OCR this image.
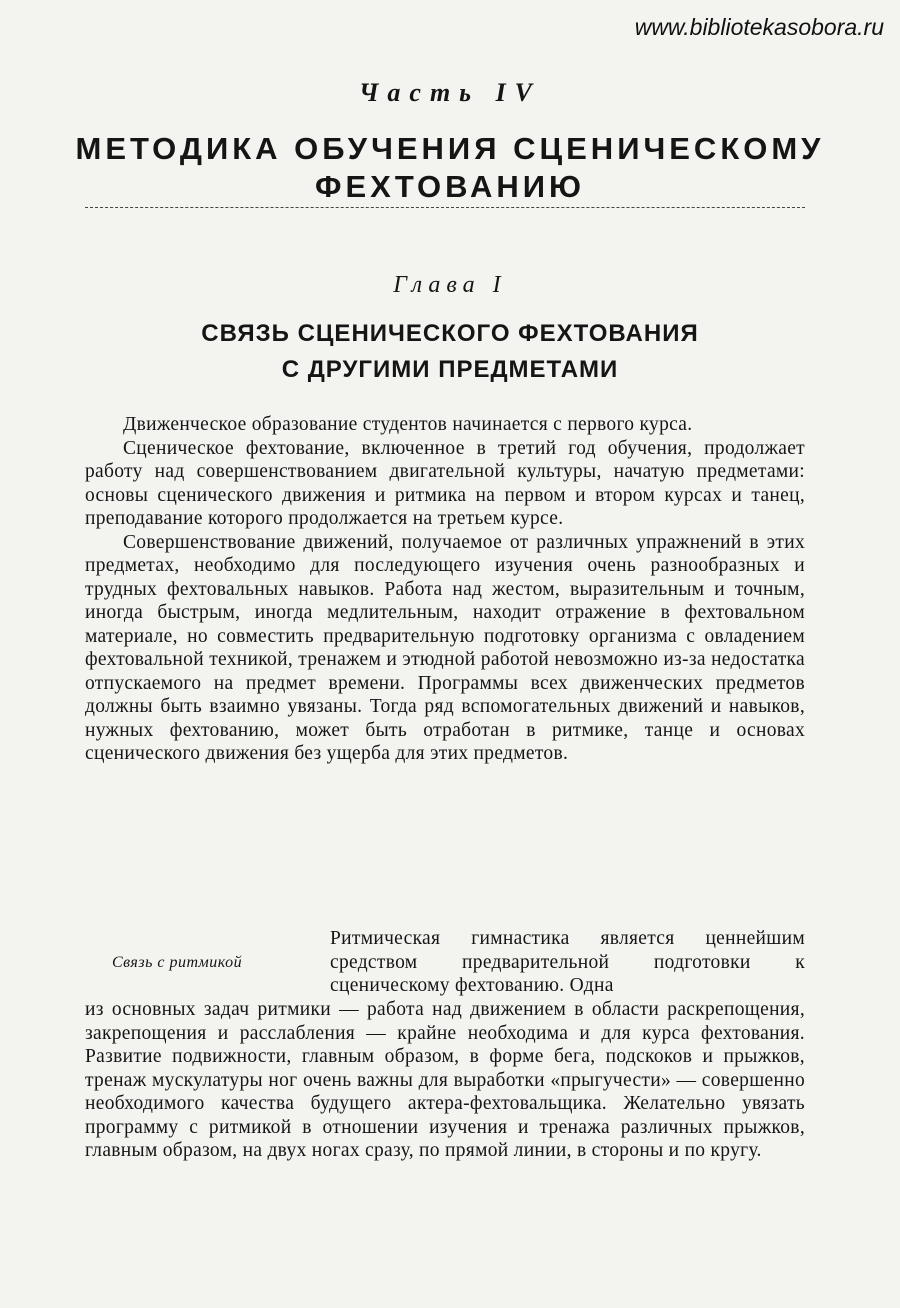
www.bibliotekasobora.ru
Часть IV
МЕТОДИКА ОБУЧЕНИЯ СЦЕНИЧЕСКОМУ
ФЕХТОВАНИЮ
Глава I
СВЯЗЬ СЦЕНИЧЕСКОГО ФЕХТОВАНИЯ
С ДРУГИМИ ПРЕДМЕТАМИ

Движенческое образование студентов начинается с первого курса.

Сценическое фехтование, включенное в третий год обучения, продолжает работу над совершенствованием двигательной культуры, начатую предметами: основы сценического движения и ритмика на первом и втором курсах и танец, преподавание которого продолжается на третьем курсе.

Совершенствование движений, получаемое от различных упражнений в этих предметах, необходимо для последующего изучения очень разнообразных и трудных фехтовальных навыков. Работа над жестом, выразительным и точным, иногда быстрым, иногда медлительным, находит отражение в фехтовальном материале, но совместить предварительную подготовку организма с овладением фехтовальной техникой, тренажем и этюдной работой невозможно из-за недостатка отпускаемого на предмет времени. Программы всех движенческих предметов должны быть взаимно увязаны. Тогда ряд вспомогательных движений и навыков, нужных фехтованию, может быть отработан в ритмике, танце и основах сценического движения без ущерба для этих предметов.

Связь с ритмикой
Ритмическая гимнастика является ценнейшим средством предварительной подготовки к сценическому фехтованию. Одна
из основных задач ритмики — работа над движением в области раскрепощения, закрепощения и расслабления — крайне необходима и для курса фехтования. Развитие подвижности, главным образом, в форме бега, подскоков и прыжков, тренаж мускулатуры ног очень важны для выработки «прыгучести» — совершенно необходимого качества будущего актера-фехтовальщика. Желательно увязать программу с ритмикой в отношении изучения и тренажа различных прыжков, главным образом, на двух ногах сразу, по прямой линии, в стороны и по кругу.
